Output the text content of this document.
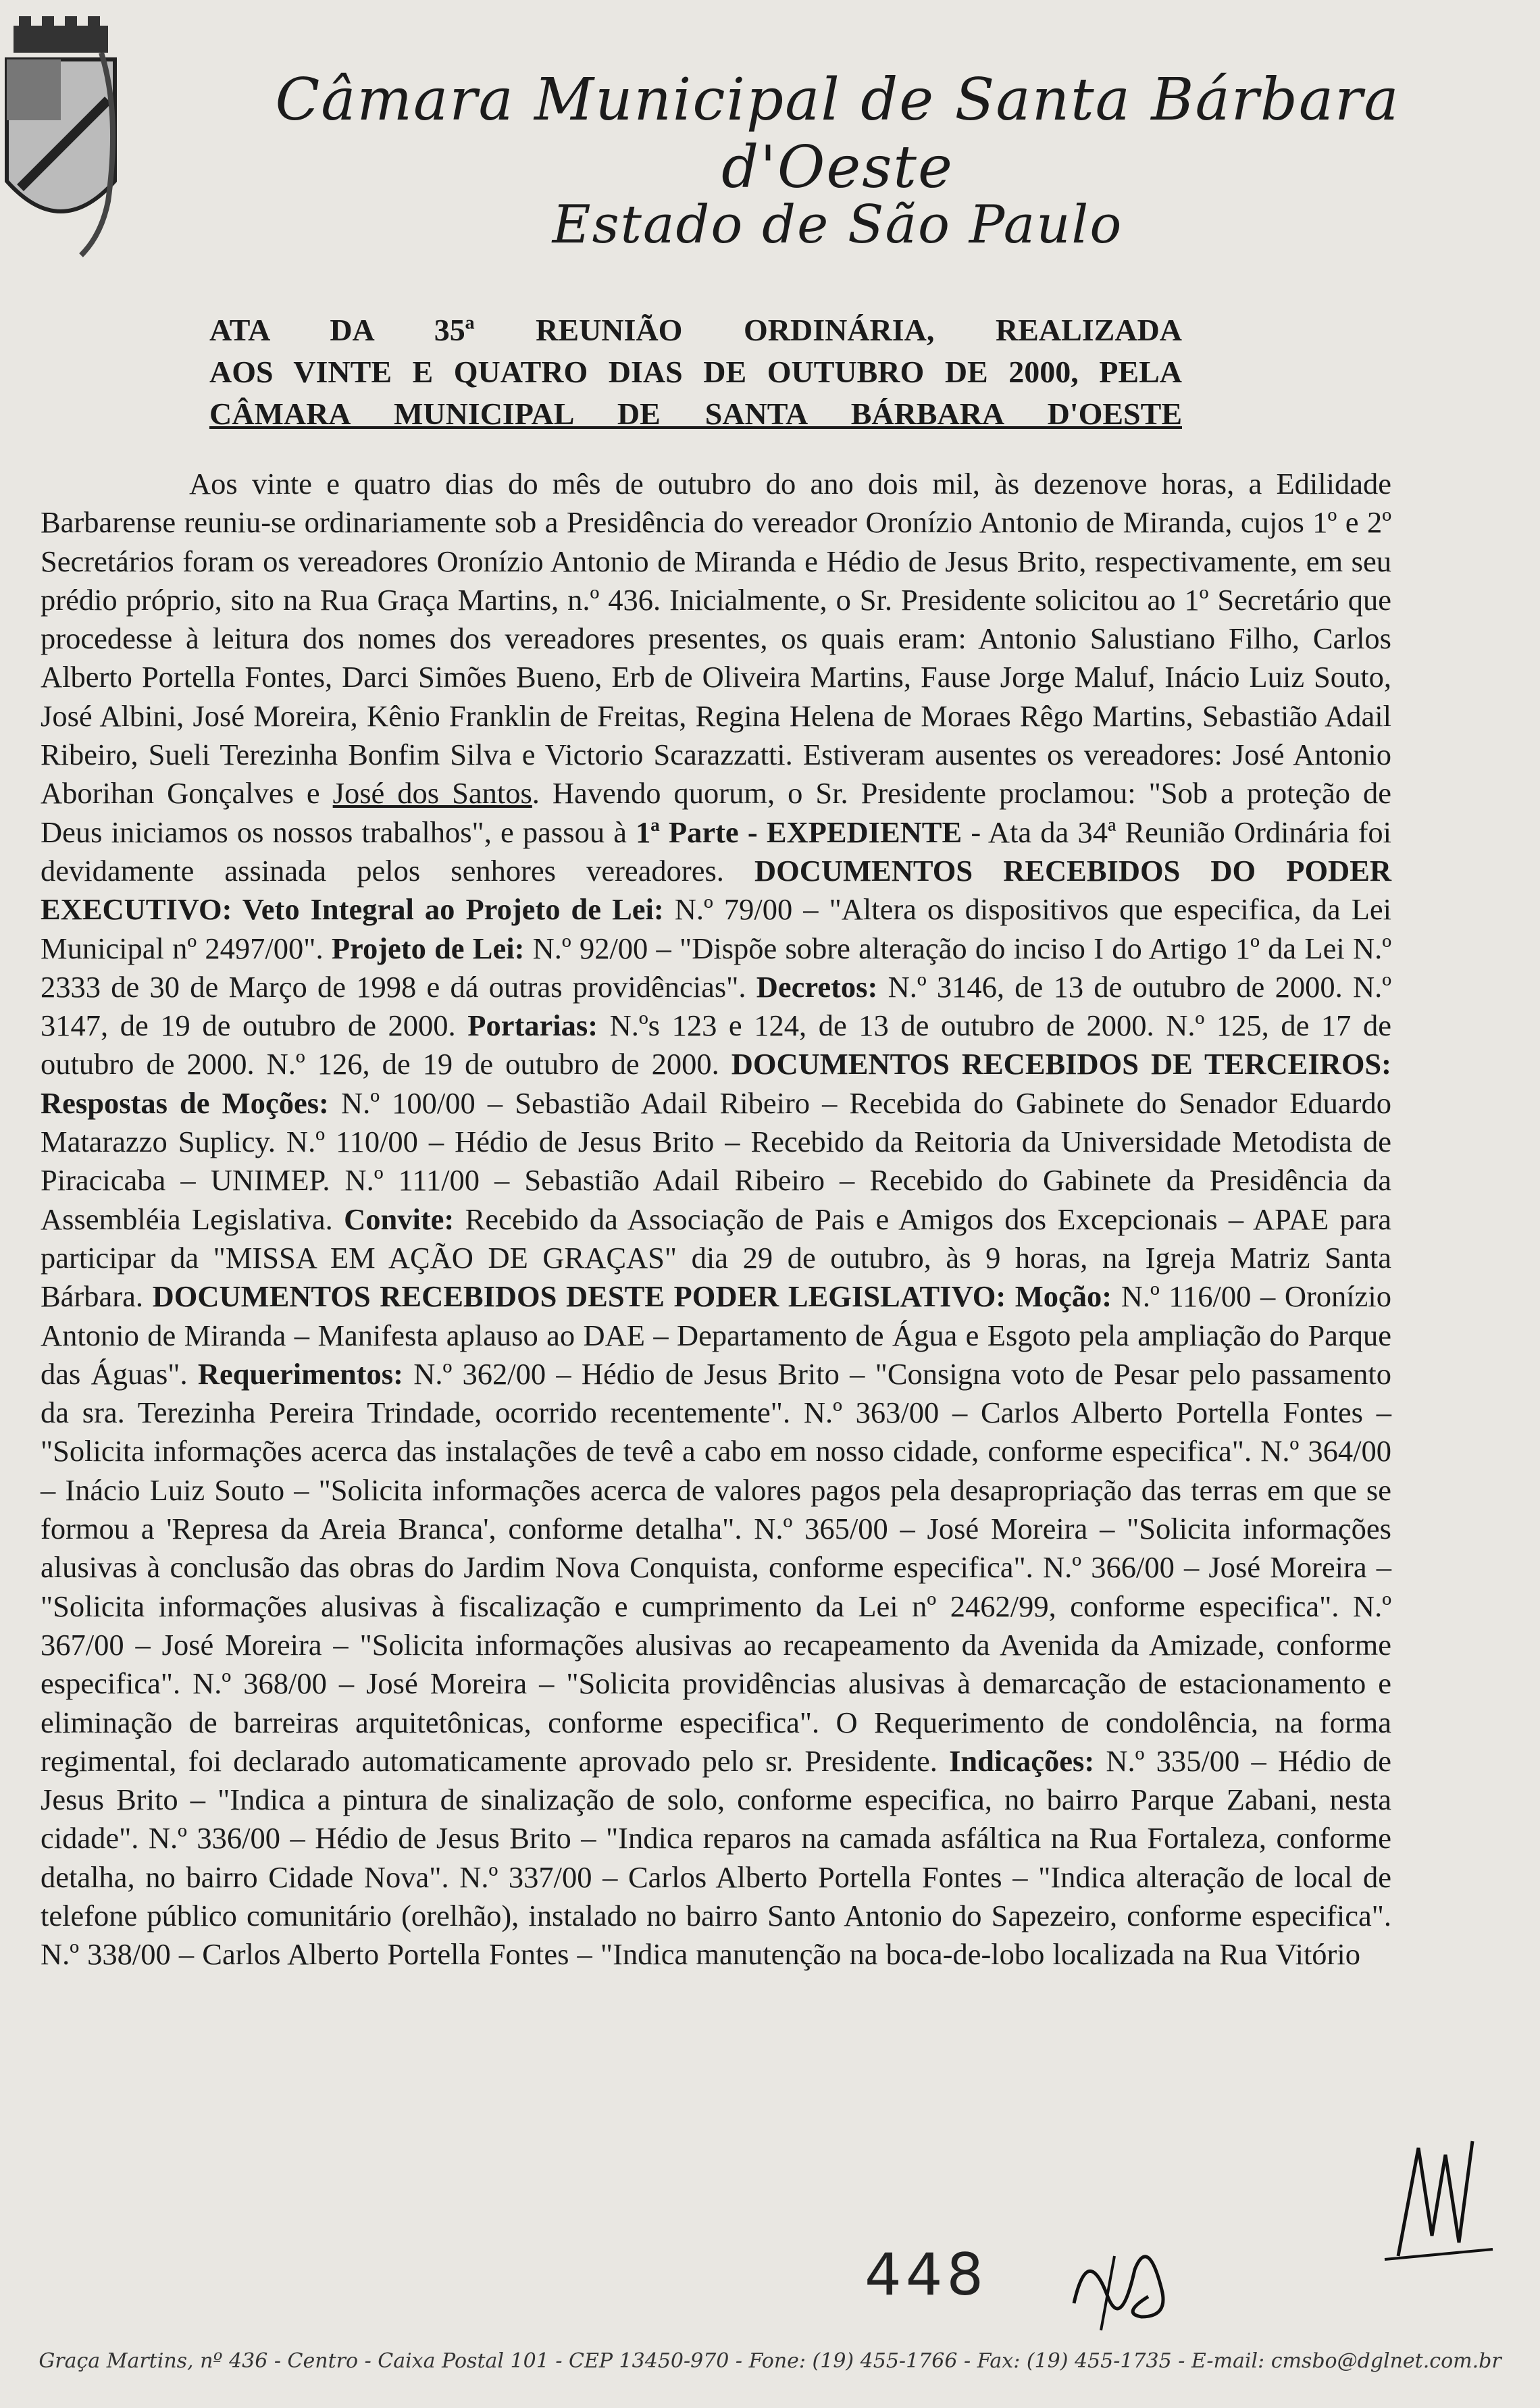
Câmara Municipal de Santa Bárbara d'Oeste
Estado de São Paulo
ATA DA 35ª REUNIÃO ORDINÁRIA, REALIZADA
AOS VINTE E QUATRO DIAS DE OUTUBRO DE 2000, PELA
CÂMARA MUNICIPAL DE SANTA BÁRBARA D'OESTE
Aos vinte e quatro dias do mês de outubro do ano dois mil, às dezenove horas, a Edilidade Barbarense reuniu-se ordinariamente sob a Presidência do vereador Oronízio Antonio de Miranda, cujos 1º e 2º Secretários foram os vereadores Oronízio Antonio de Miranda e Hédio de Jesus Brito, respectivamente, em seu prédio próprio, sito na Rua Graça Martins, n.º 436. Inicialmente, o Sr. Presidente solicitou ao 1º Secretário que procedesse à leitura dos nomes dos vereadores presentes, os quais eram: Antonio Salustiano Filho, Carlos Alberto Portella Fontes, Darci Simões Bueno, Erb de Oliveira Martins, Fause Jorge Maluf, Inácio Luiz Souto, José Albini, José Moreira, Kênio Franklin de Freitas, Regina Helena de Moraes Rêgo Martins, Sebastião Adail Ribeiro, Sueli Terezinha Bonfim Silva e Victorio Scarazzatti. Estiveram ausentes os vereadores: José Antonio Aborihan Gonçalves e José dos Santos. Havendo quorum, o Sr. Presidente proclamou: "Sob a proteção de Deus iniciamos os nossos trabalhos", e passou à 1ª Parte - EXPEDIENTE - Ata da 34ª Reunião Ordinária foi devidamente assinada pelos senhores vereadores. DOCUMENTOS RECEBIDOS DO PODER EXECUTIVO: Veto Integral ao Projeto de Lei: N.º 79/00 – "Altera os dispositivos que especifica, da Lei Municipal nº 2497/00". Projeto de Lei: N.º 92/00 – "Dispõe sobre alteração do inciso I do Artigo 1º da Lei N.º 2333 de 30 de Março de 1998 e dá outras providências". Decretos: N.º 3146, de 13 de outubro de 2000. N.º 3147, de 19 de outubro de 2000. Portarias: N.ºs 123 e 124, de 13 de outubro de 2000. N.º 125, de 17 de outubro de 2000. N.º 126, de 19 de outubro de 2000. DOCUMENTOS RECEBIDOS DE TERCEIROS: Respostas de Moções: N.º 100/00 – Sebastião Adail Ribeiro – Recebida do Gabinete do Senador Eduardo Matarazzo Suplicy. N.º 110/00 – Hédio de Jesus Brito – Recebido da Reitoria da Universidade Metodista de Piracicaba – UNIMEP. N.º 111/00 – Sebastião Adail Ribeiro – Recebido do Gabinete da Presidência da Assembléia Legislativa. Convite: Recebido da Associação de Pais e Amigos dos Excepcionais – APAE para participar da "MISSA EM AÇÃO DE GRAÇAS" dia 29 de outubro, às 9 horas, na Igreja Matriz Santa Bárbara. DOCUMENTOS RECEBIDOS DESTE PODER LEGISLATIVO: Moção: N.º 116/00 – Oronízio Antonio de Miranda – Manifesta aplauso ao DAE – Departamento de Água e Esgoto pela ampliação do Parque das Águas". Requerimentos: N.º 362/00 – Hédio de Jesus Brito – "Consigna voto de Pesar pelo passamento da sra. Terezinha Pereira Trindade, ocorrido recentemente". N.º 363/00 – Carlos Alberto Portella Fontes – "Solicita informações acerca das instalações de tevê a cabo em nosso cidade, conforme especifica". N.º 364/00 – Inácio Luiz Souto – "Solicita informações acerca de valores pagos pela desapropriação das terras em que se formou a 'Represa da Areia Branca', conforme detalha". N.º 365/00 – José Moreira – "Solicita informações alusivas à conclusão das obras do Jardim Nova Conquista, conforme especifica". N.º 366/00 – José Moreira – "Solicita informações alusivas à fiscalização e cumprimento da Lei nº 2462/99, conforme especifica". N.º 367/00 – José Moreira – "Solicita informações alusivas ao recapeamento da Avenida da Amizade, conforme especifica". N.º 368/00 – José Moreira – "Solicita providências alusivas à demarcação de estacionamento e eliminação de barreiras arquitetônicas, conforme especifica". O Requerimento de condolência, na forma regimental, foi declarado automaticamente aprovado pelo sr. Presidente. Indicações: N.º 335/00 – Hédio de Jesus Brito – "Indica a pintura de sinalização de solo, conforme especifica, no bairro Parque Zabani, nesta cidade". N.º 336/00 – Hédio de Jesus Brito – "Indica reparos na camada asfáltica na Rua Fortaleza, conforme detalha, no bairro Cidade Nova". N.º 337/00 – Carlos Alberto Portella Fontes – "Indica alteração de local de telefone público comunitário (orelhão), instalado no bairro Santo Antonio do Sapezeiro, conforme especifica". N.º 338/00 – Carlos Alberto Portella Fontes – "Indica manutenção na boca-de-lobo localizada na Rua Vitório
448
Graça Martins, nº 436 - Centro - Caixa Postal 101 - CEP 13450-970 - Fone: (19) 455-1766 - Fax: (19) 455-1735 - E-mail: cmsbo@dglnet.com.br
